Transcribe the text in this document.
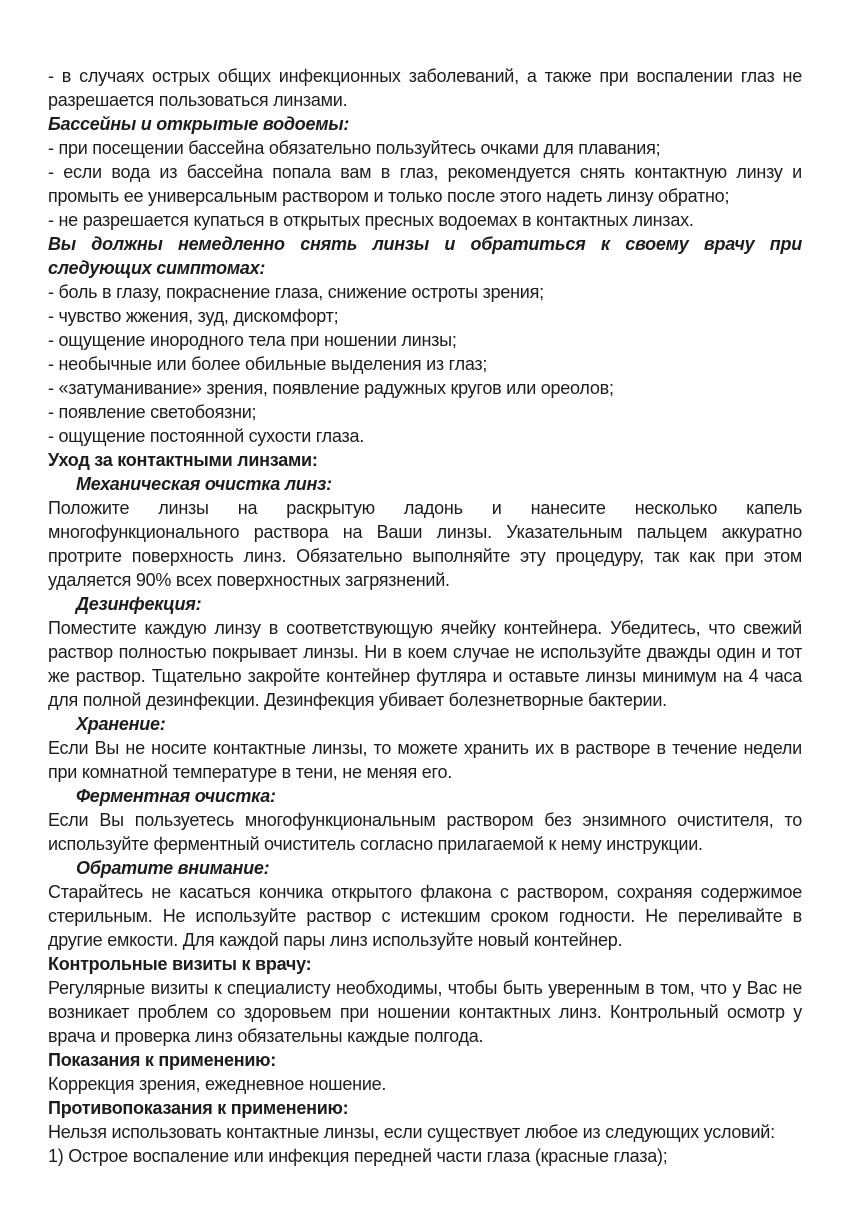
- в случаях острых общих инфекционных заболеваний, а также при воспалении глаз не разрешается пользоваться линзами.

Бассейны и открытые водоемы:

- при посещении бассейна обязательно пользуйтесь очками для плавания;

- если вода из бассейна попала вам в глаз, рекомендуется снять контактную линзу и промыть ее универсальным раствором и только после этого надеть линзу обратно;

- не разрешается купаться в открытых пресных водоемах в контактных линзах.

Вы должны немедленно снять линзы и обратиться к своему врачу при следующих симптомах:

- боль в глазу, покраснение глаза, снижение остроты зрения;

- чувство жжения, зуд, дискомфорт;

- ощущение инородного тела при ношении линзы;

- необычные или более обильные выделения из глаз;

- «затуманивание» зрения, появление радужных кругов или ореолов;

- появление светобоязни;

- ощущение постоянной сухости глаза.

Уход за контактными линзами:

Механическая очистка линз:

Положите линзы на раскрытую ладонь и нанесите несколько капель многофункционального раствора на Ваши линзы. Указательным пальцем аккуратно протрите поверхность линз. Обязательно выполняйте эту процедуру, так как при этом удаляется 90% всех поверхностных загрязнений.

Дезинфекция:

Поместите каждую линзу в соответствующую ячейку контейнера. Убедитесь, что свежий раствор полностью покрывает линзы. Ни в коем случае не используйте дважды один и тот же раствор. Тщательно закройте контейнер футляра и оставьте линзы минимум на 4 часа для полной дезинфекции. Дезинфекция убивает болезнетворные бактерии.

Хранение:

Если Вы не носите контактные линзы, то можете хранить их в растворе в течение недели при комнатной температуре в тени, не меняя его.

Ферментная очистка:

Если Вы пользуетесь многофункциональным раствором без энзимного очистителя, то используйте ферментный очиститель согласно прилагаемой к нему инструкции.

Обратите внимание:

Старайтесь не касаться кончика открытого флакона с раствором, сохраняя содержимое стерильным. Не используйте раствор с истекшим сроком годности. Не переливайте в другие емкости. Для каждой пары линз используйте новый контейнер.

Контрольные визиты к врачу:

Регулярные визиты к специалисту необходимы, чтобы быть уверенным в том, что у Вас не возникает проблем со здоровьем при ношении контактных линз. Контрольный осмотр у врача и проверка линз обязательны каждые полгода.

Показания к применению:

Коррекция зрения, ежедневное ношение.

Противопоказания к применению:

Нельзя использовать контактные линзы, если существует любое из следующих условий:

1) Острое воспаление или инфекция передней части глаза (красные глаза);
